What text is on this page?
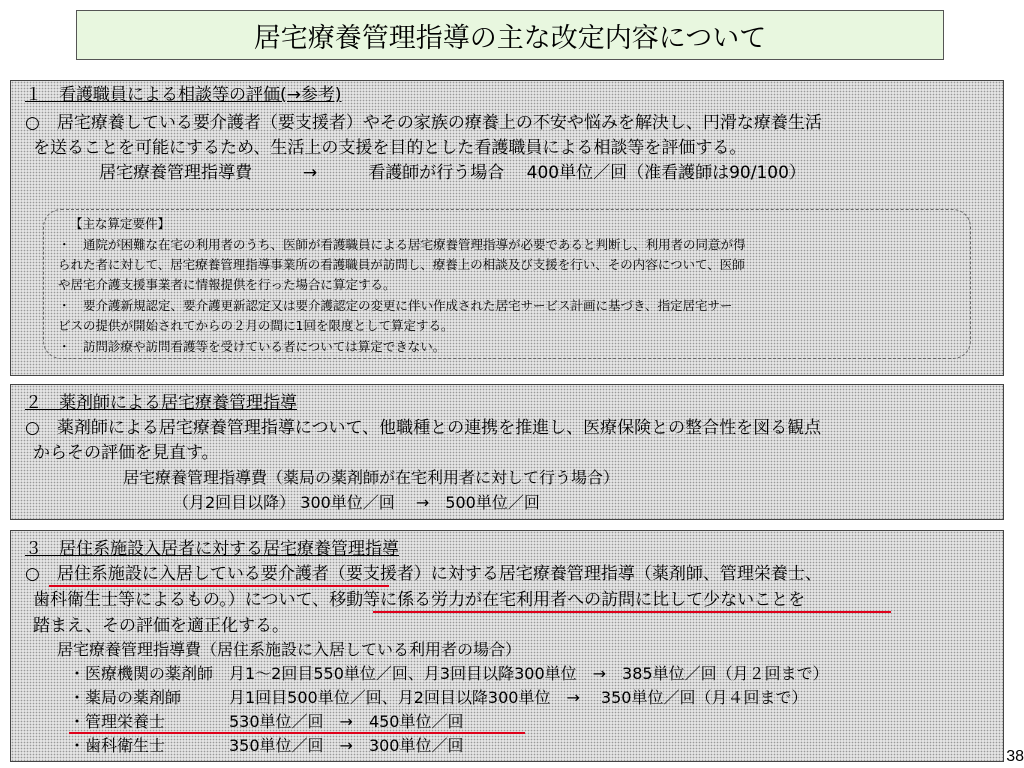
居宅療養管理指導の主な改定内容について
１　看護職員による相談等の評価(→参考)
○　居宅療養している要介護者（要支援者）やその家族の療養上の不安や悩みを解決し、円滑な療養生活
を送ることを可能にするため、生活上の支援を目的とした看護職員による相談等を評価する。
居宅療養管理指導費　　　→　　　看護師が行う場合　 400単位／回（准看護師は90/100）
【主な算定要件】
・　通院が困難な在宅の利用者のうち、医師が看護職員による居宅療養管理指導が必要であると判断し、利用者の同意が得
られた者に対して、居宅療養管理指導事業所の看護職員が訪問し、療養上の相談及び支援を行い、その内容について、医師
や居宅介護支援事業者に情報提供を行った場合に算定する。
・　要介護新規認定、要介護更新認定又は要介護認定の変更に伴い作成された居宅サービス計画に基づき、指定居宅サー
ビスの提供が開始されてからの２月の間に1回を限度として算定する。
・　訪問診療や訪問看護等を受けている者については算定できない。
２　薬剤師による居宅療養管理指導
○　薬剤師による居宅療養管理指導について、他職種との連携を推進し、医療保険との整合性を図る観点
からその評価を見直す。
居宅療養管理指導費（薬局の薬剤師が在宅利用者に対して行う場合）
（月2回目以降） 300単位／回　 →　500単位／回
３　居住系施設入居者に対する居宅療養管理指導
○　居住系施設に入居している要介護者（要支援者）に対する居宅療養管理指導（薬剤師、管理栄養士、
歯科衛生士等によるもの。）について、移動等に係る労力が在宅利用者への訪問に比して少ないことを
踏まえ、その評価を適正化する。
居宅療養管理指導費（居住系施設に入居している利用者の場合）
・医療機関の薬剤師　月1〜2回目550単位／回、月3回目以降300単位　→　385単位／回（月２回まで）
・薬局の薬剤師　　　月1回目500単位／回、月2回目以降300単位　→　 350単位／回（月４回まで）
・管理栄養士　　　　530単位／回　→　450単位／回
・歯科衛生士　　　　350単位／回　→　300単位／回
38
